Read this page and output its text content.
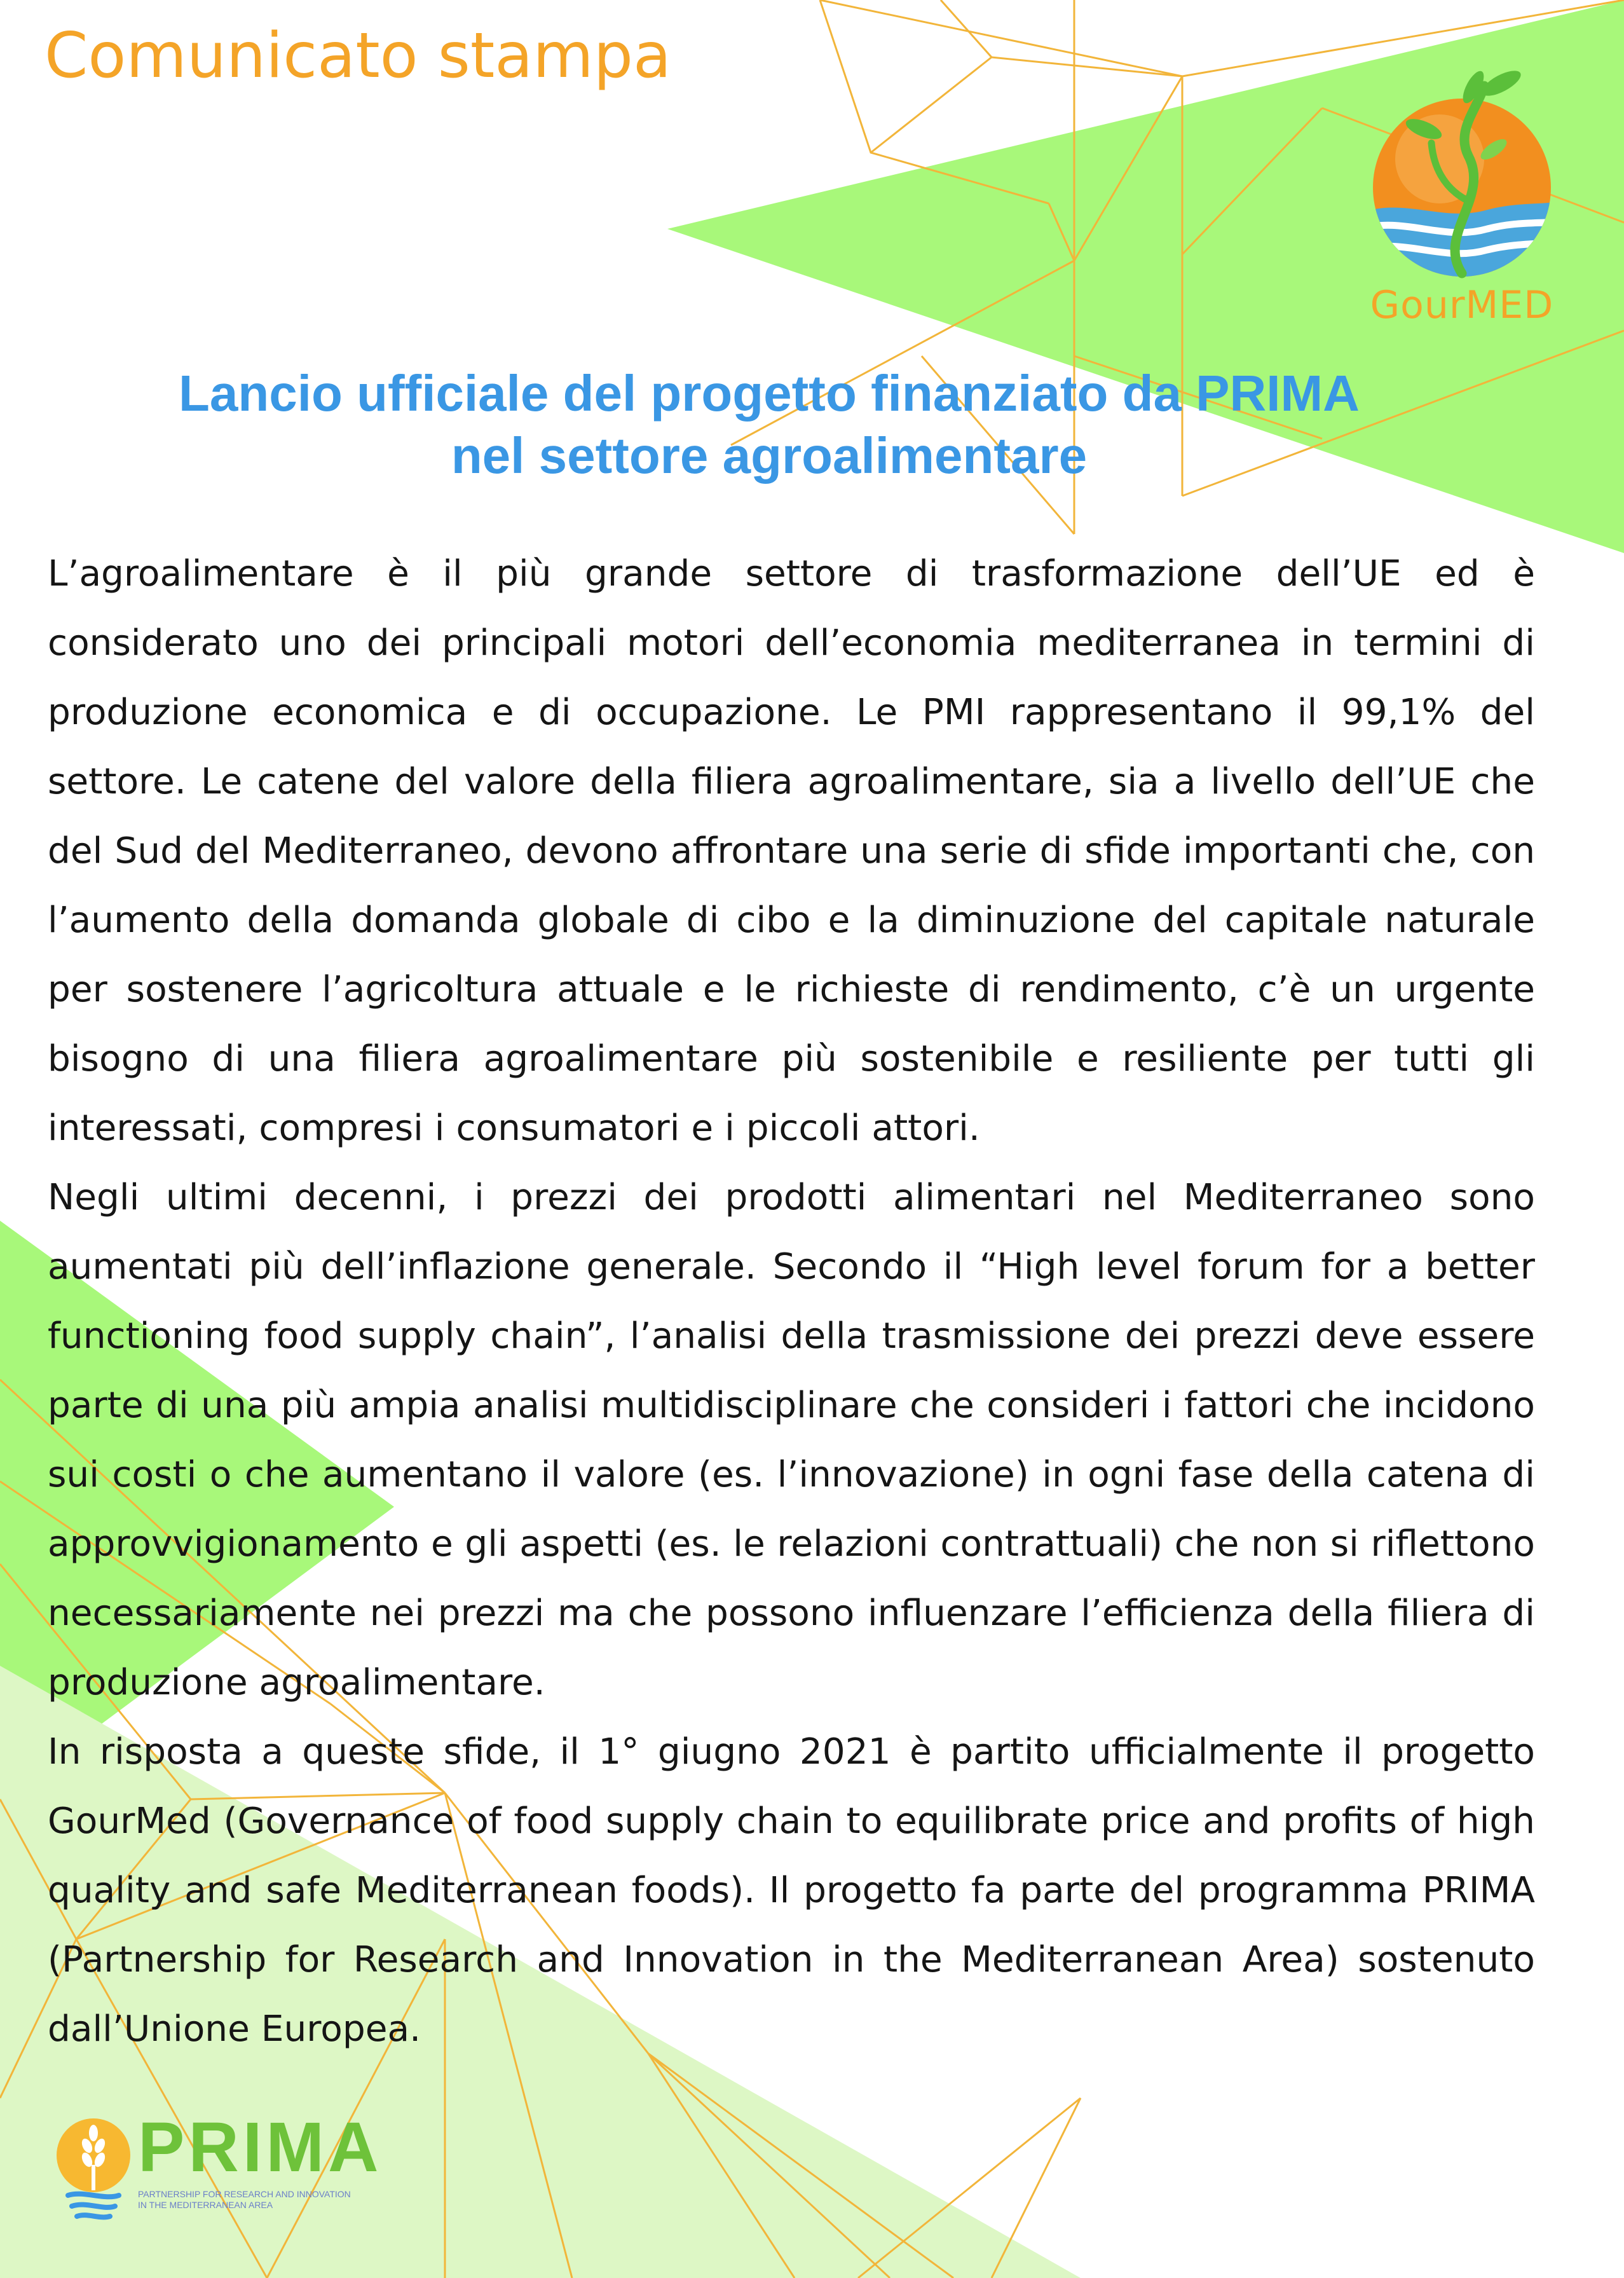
Comunicato stampa
GourMED
Lancio ufficiale del progetto finanziato da PRIMA
nel settore agroalimentare

L’agroalimentare è il più grande settore di trasformazione dell’UE ed è considerato uno dei principali motori dell’economia mediterranea in termini di produzione economica e di occupazione. Le PMI rappresentano il 99,1% del settore. Le catene del valore della filiera agroalimentare, sia a livello dell’UE che del Sud del Mediterraneo, devono affrontare una serie di sfide importanti che, con l’aumento della domanda globale di cibo e la diminuzione del capitale naturale per sostenere l’agricoltura attuale e le richieste di rendimento, c’è un urgente bisogno di una filiera agroalimentare più sostenibile e resiliente per tutti gli interessati, compresi i consumatori e i piccoli attori.

Negli ultimi decenni, i prezzi dei prodotti alimentari nel Mediterraneo sono aumentati più dell’inflazione generale. Secondo il “High level forum for a better functioning food supply chain”, l’analisi della trasmissione dei prezzi deve essere parte di una più ampia analisi multidisciplinare che consideri i fattori che incidono sui costi o che aumentano il valore (es. l’innovazione) in ogni fase della catena di approvvigionamento e gli aspetti (es. le relazioni contrattuali) che non si riflettono necessariamente nei prezzi ma che possono influenzare l’efficienza della filiera di produzione agroalimentare.

In risposta a queste sfide, il 1° giugno 2021 è partito ufficialmente il progetto GourMed (Governance of food supply chain to equilibrate price and profits of high quality and safe Mediterranean foods). Il progetto fa parte del programma PRIMA (Partnership for Research and Innovation in the Mediterranean Area) sostenuto dall’Unione Europea.

PRIMA
PARTNERSHIP FOR RESEARCH AND INNOVATION
IN THE MEDITERRANEAN AREA
